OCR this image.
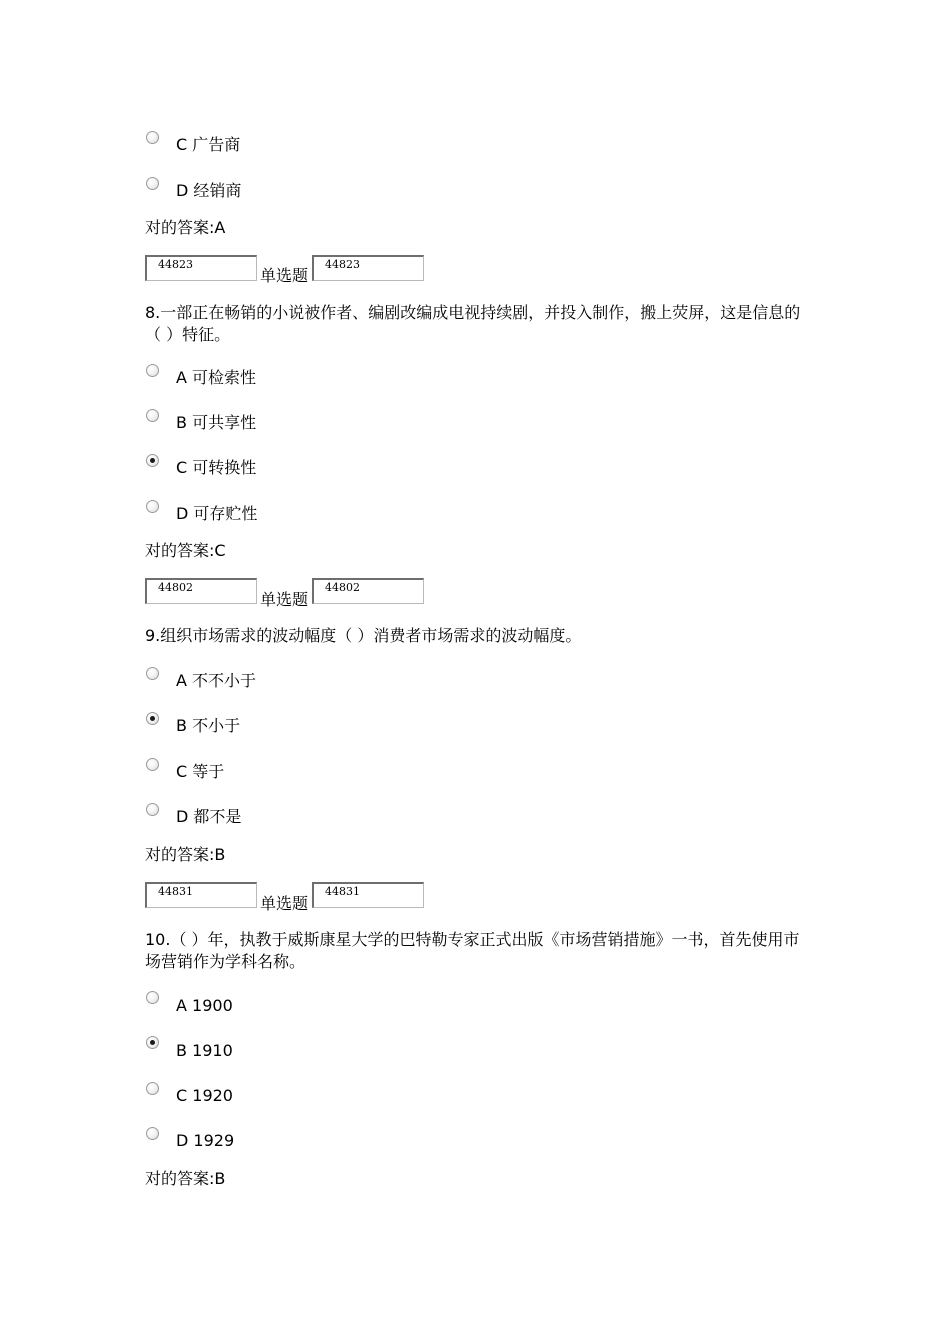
C 广告商
D 经销商
对的答案:A
44823
单选题
44823
8.一部正在畅销的小说被作者、编剧改编成电视持续剧，并投入制作，搬上荧屏，这是信息的（ ）特征。
A 可检索性
B 可共享性
C 可转换性
D 可存贮性
对的答案:C
44802
单选题
44802
9.组织市场需求的波动幅度（ ）消费者市场需求的波动幅度。
A 不不小于
B 不小于
C 等于
D 都不是
对的答案:B
44831
单选题
44831
10.（ ）年，执教于威斯康星大学的巴特勒专家正式出版《市场营销措施》一书，首先使用市场营销作为学科名称。
A 1900
B 1910
C 1920
D 1929
对的答案:B
